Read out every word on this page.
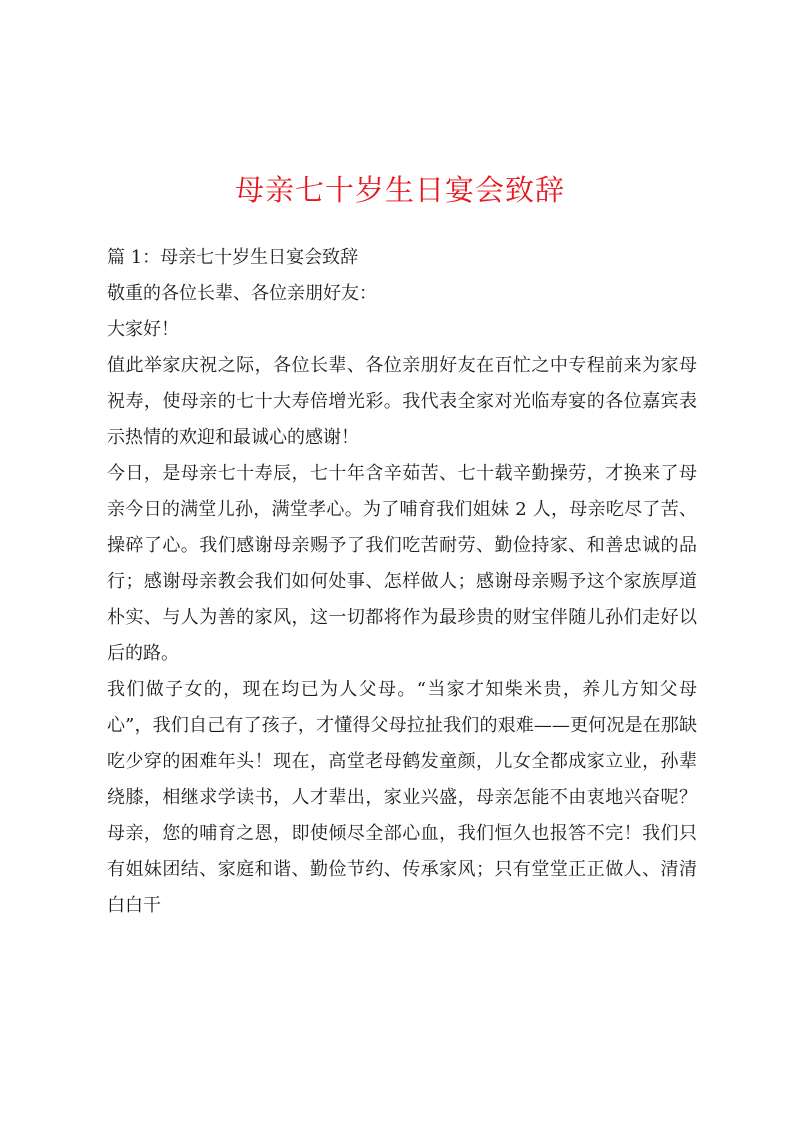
母亲七十岁生日宴会致辞

篇 1：母亲七十岁生日宴会致辞

敬重的各位长辈、各位亲朋好友：

大家好！

值此举家庆祝之际，各位长辈、各位亲朋好友在百忙之中专程前来为家母祝寿，使母亲的七十大寿倍增光彩。我代表全家对光临寿宴的各位嘉宾表示热情的欢迎和最诚心的感谢！

今日，是母亲七十寿辰，七十年含辛茹苦、七十载辛勤操劳，才换来了母亲今日的满堂儿孙，满堂孝心。为了哺育我们姐妹 2 人，母亲吃尽了苦、操碎了心。我们感谢母亲赐予了我们吃苦耐劳、勤俭持家、和善忠诚的品行；感谢母亲教会我们如何处事、怎样做人；感谢母亲赐予这个家族厚道朴实、与人为善的家风，这一切都将作为最珍贵的财宝伴随儿孙们走好以后的路。

我们做子女的，现在均已为人父母。“当家才知柴米贵，养儿方知父母心”，我们自己有了孩子，才懂得父母拉扯我们的艰难——更何况是在那缺吃少穿的困难年头！现在，高堂老母鹤发童颜，儿女全都成家立业，孙辈绕膝，相继求学读书，人才辈出，家业兴盛，母亲怎能不由衷地兴奋呢？母亲，您的哺育之恩，即使倾尽全部心血，我们恒久也报答不完！我们只有姐妹团结、家庭和谐、勤俭节约、传承家风；只有堂堂正正做人、清清白白干
